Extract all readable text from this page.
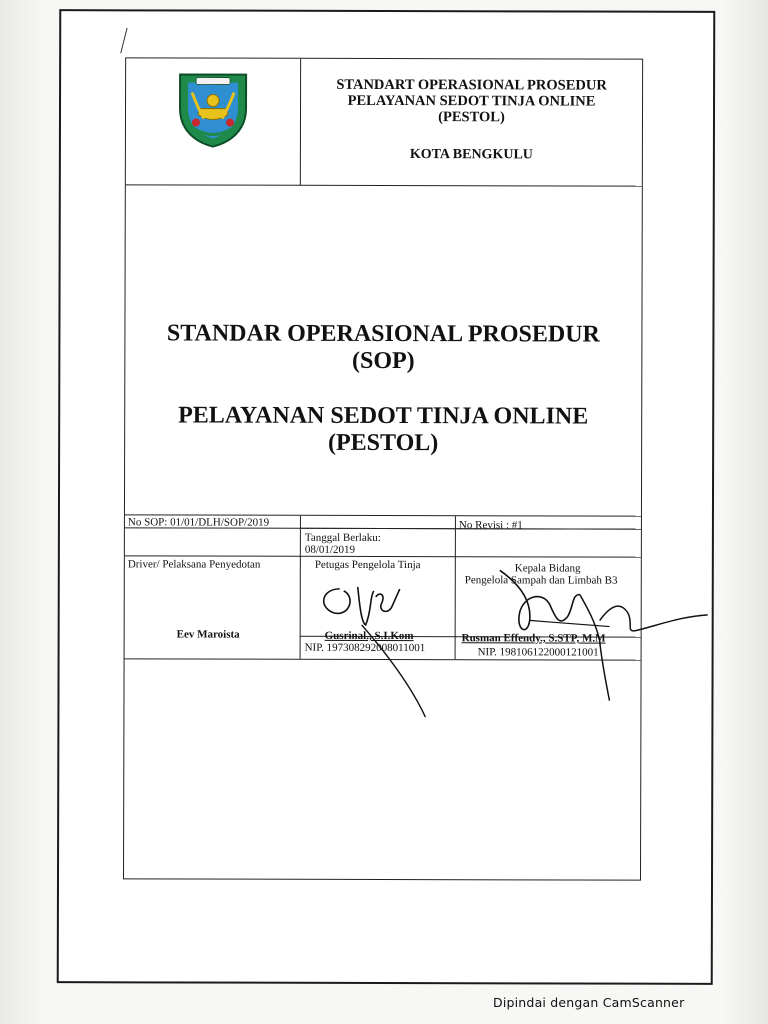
STANDART OPERASIONAL PROSEDUR
PELAYANAN SEDOT TINJA ONLINE
(PESTOL)
KOTA BENGKULU
STANDAR OPERASIONAL PROSEDUR
(SOP)
PELAYANAN SEDOT TINJA ONLINE
(PESTOL)
No SOP: 01/01/DLH/SOP/2019	No Revisi : #1
Tanggal Berlaku:
08/01/2019
Driver/ Pelaksana Penyedotan
Eev Maroista
Petugas Pengelola Tinja
Gusrinal., S.I.Kom
NIP. 197308292008011001
Kepala Bidang
Pengelola Sampah dan Limbah B3
Rusman Effendy., S.STP, M.M
NIP. 198106122000121001
Dipindai dengan CamScanner
